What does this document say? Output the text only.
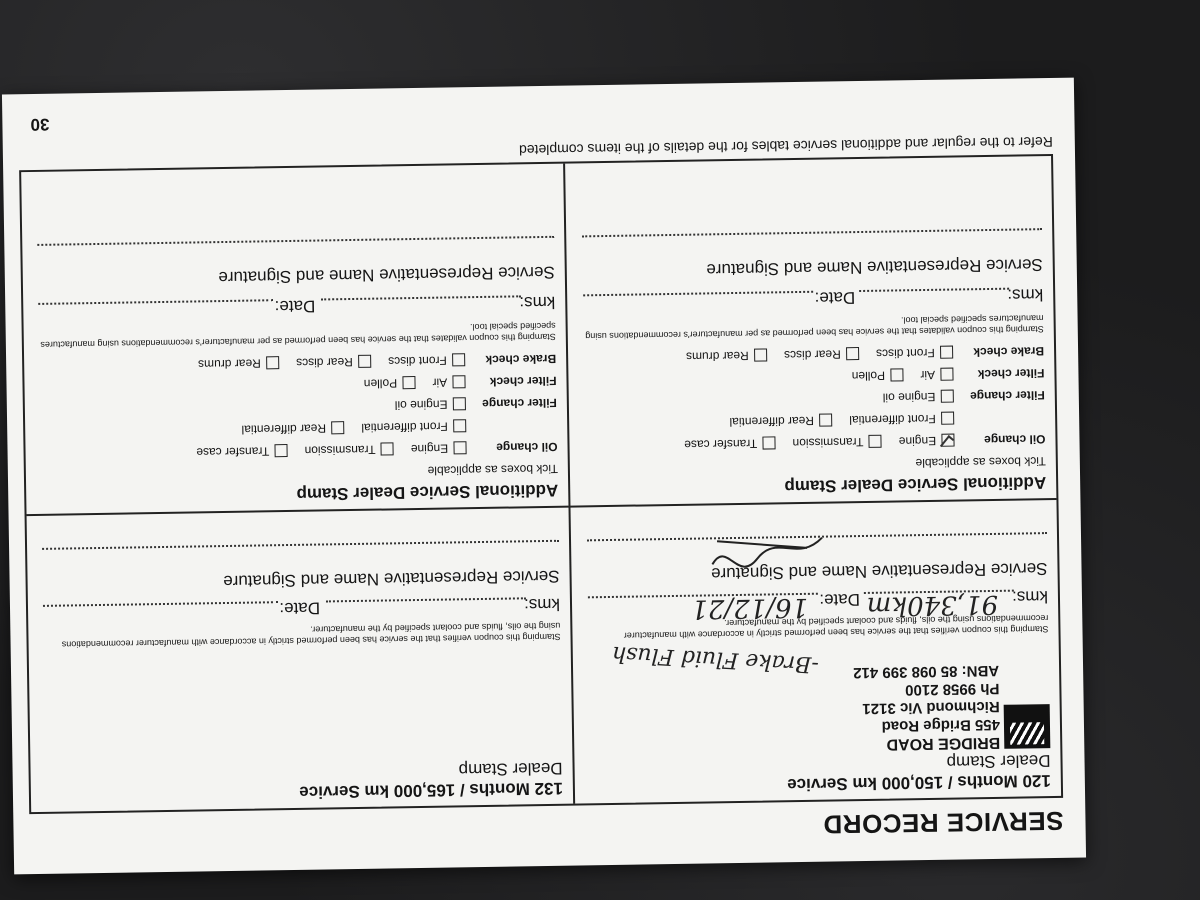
SERVICE RECORD
30
120 Months / 150,000 km Service
Dealer Stamp
BRIDGE ROAD
455 Bridge Road
Richmond Vic 3121
Ph 9958 2100
ABN: 85 098 399 412
-Brake Fluid Flush
Stamping this coupon verifies that the service has been performed strictly in accordance with manufacturer recommendations using the oils, fluids and coolant specified by the manufacturer.
kms:
91,340km
Date:
16/12/21
Service Representative Name and Signature
Additional Service Dealer Stamp
Tick boxes as applicable
Oil change Engine Transmission Transfer case
Front differential Rear differential
Filter change Engine oil
Filter check Air Pollen
Brake check Front discs Rear discs Rear drums
Stamping this coupon validates that the service has been performed as per manufacturer's recommendations using manufactures specified special tool.
kms:
Date:
Service Representative Name and Signature
132 Months / 165,000 km Service
Dealer Stamp
Stamping this coupon verifies that the service has been performed strictly in accordance with manufacturer recommendations using the oils, fluids and coolant specified by the manufacturer.
kms:
Date:
Service Representative Name and Signature
Additional Service Dealer Stamp
Tick boxes as applicable
Oil change Engine Transmission Transfer case
Front differential Rear differential
Filter change Engine oil
Filter check Air Pollen
Brake check Front discs Rear discs Rear drums
Stamping this coupon validates that the service has been performed as per manufacturer's recommendations using manufactures specified special tool.
kms:
Date:
Service Representative Name and Signature
Refer to the regular and additional service tables for the details of the items completed
